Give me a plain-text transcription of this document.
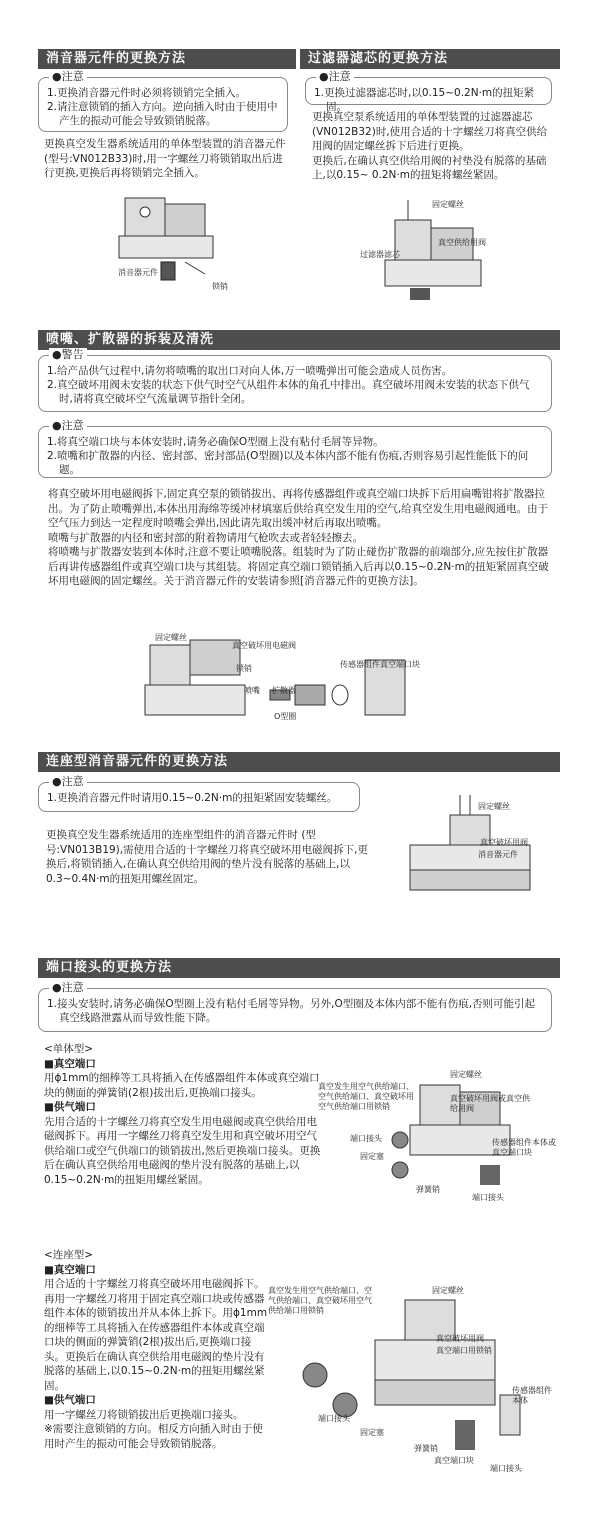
消音器元件的更换方法
●注意
1.更换消音器元件时必须将锁销完全插入。
2.请注意锁销的插入方向。逆向插入时由于使用中产生的振动可能会导致锁销脱落。
更换真空发生器系统适用的单体型装置的消音器元件(型号:VN012B33)时,用一字螺丝刀将锁销取出后进行更换,更换后再将锁销完全插入。
消音器元件
锁销
过滤器滤芯的更换方法
●注意
1.更换过滤器滤芯时,以0.15~0.2N·m的扭矩紧固。

更换真空泵系统适用的单体型装置的过滤器滤芯(VN012B32)时,使用合适的十字螺丝刀将真空供给用阀的固定螺丝拆下后进行更换。

更换后,在确认真空供给用阀的衬垫没有脱落的基础上,以0.15~ 0.2N·m的扭矩将螺丝紧固。

固定螺丝
真空供给用阀
过滤器滤芯
喷嘴、扩散器的拆装及清洗
●警告
1.给产品供气过程中,请勿将喷嘴的取出口对向人体,万一喷嘴弹出可能会造成人员伤害。
2.真空破坏用阀未安装的状态下供气时空气从组件本体的角孔中排出。真空破坏用阀未安装的状态下供气时,请将真空破坏空气流量调节指针全闭。
●注意
1.将真空端口块与本体安装时,请务必确保O型圈上没有粘付毛屑等异物。
2.喷嘴和扩散器的内径、密封部、密封部品(O型圈)以及本体内部不能有伤痕,否则容易引起性能低下的问题。

将真空破坏用电磁阀拆下,固定真空泵的锁销拔出、再将传感器组件或真空端口块拆下后用扁嘴钳将扩散器拉出。为了防止喷嘴弹出,本体出用海绵等缓冲材填塞后供给真空发生用的空气,给真空发生用电磁阀通电。由于空气压力到达一定程度时喷嘴会弹出,因此请先取出缓冲材后再取出喷嘴。

喷嘴与扩散器的内径和密封部的附着物请用气枪吹去或者轻轻擦去。

将喷嘴与扩散器安装到本体时,注意不要让喷嘴脱落。组装时为了防止碰伤扩散器的前端部分,应先按住扩散器后再讲传感器组件或真空端口块与其组装。将固定真空端口锁销插入后再以0.15~0.2N·m的扭矩紧固真空破坏用电磁阀的固定螺丝。关于消音器元件的安装请参照[消音器元件的更换方法]。

固定螺丝
真空破坏用电磁阀
锁销
喷嘴 扩散器
传感器组件真空端口块
O型圈
连座型消音器元件的更换方法
●注意
1.更换消音器元件时请用0.15~0.2N·m的扭矩紧固安装螺丝。
更换真空发生器系统适用的连座型组件的消音器元件时 (型号:VN013B19),需使用合适的十字螺丝刀将真空破坏用电磁阀拆下,更换后,将锁销插入,在确认真空供给用阀的垫片没有脱落的基础上,以 0.3~0.4N·m的扭矩用螺丝固定。
固定螺丝
真空破坏用阀
消音器元件
端口接头的更换方法
●注意
1.接头安装时,请务必确保O型圈上没有粘付毛屑等异物。另外,O型圈及本体内部不能有伤痕,否则可能引起真空线路泄露从而导致性能下降。

<单体型>

■真空端口

用ϕ1mm的细棒等工具将插入在传感器组件本体或真空端口块的侧面的弹簧销(2根)拔出后,更换端口接头。

■供气端口

先用合适的十字螺丝刀将真空发生用电磁阀或真空供给用电磁阀拆下。再用一字螺丝刀将真空发生用和真空破坏用空气供给端口或空气供端口的锁销拔出,然后更换端口接头。更换后在确认真空供给用电磁阀的垫片没有脱落的基础上,以0.15~0.2N·m的扭矩用螺丝紧固。

固定螺丝
真空发生用空气供给端口、空气供给端口、真空破坏用空气供给端口用锁销
真空破坏用阀或真空供给用阀
端口接头
固定塞
传感器组件本体或真空端口块
弹簧销
端口接头

<连座型>

■真空端口

用合适的十字螺丝刀将真空破坏用电磁阀拆下。再用一字螺丝刀将用于固定真空端口块或传感器组件本体的锁销拔出并从本体上拆下。用ϕ1mm的细棒等工具将插入在传感器组件本体或真空端口块的侧面的弹簧销(2根)拔出后,更换端口接头。更换后在确认真空供给用电磁阀的垫片没有脱落的基础上,以0.15~0.2N·m的扭矩用螺丝紧固。

■供气端口

用一字螺丝刀将锁销拔出后更换端口接头。

※需要注意锁销的方向。相反方向插入时由于使用时产生的振动可能会导致锁销脱落。

真空发生用空气供给端口、空气供给端口、真空破坏用空气供给端口用锁销
固定螺丝
真空破坏用阀
真空端口用锁销
传感器组件本体
端口接头
固定塞
弹簧销
真空端口块
端口接头
